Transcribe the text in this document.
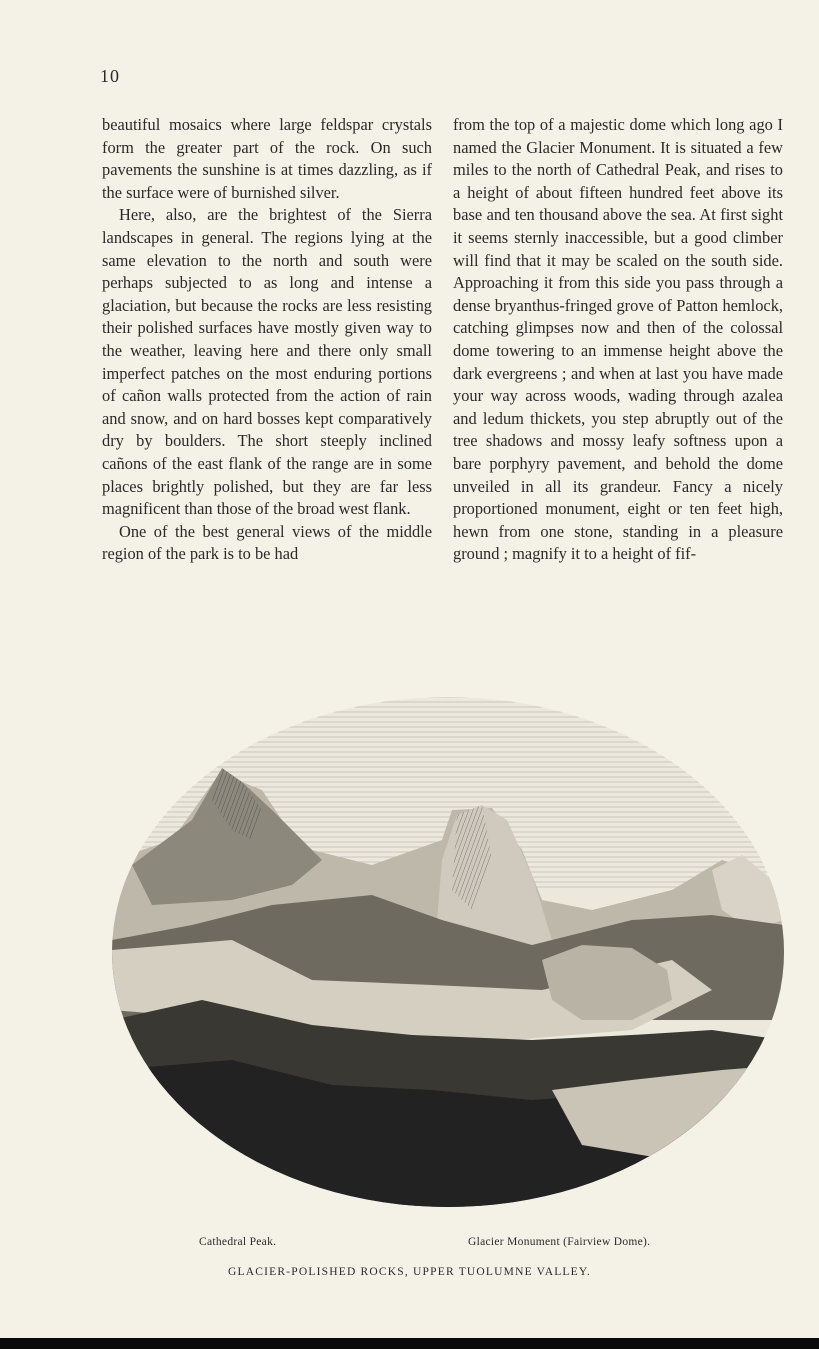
10

beautiful mosaics where large feldspar crystals form the greater part of the rock. On such pavements the sunshine is at times dazzling, as if the surface were of burnished silver.

Here, also, are the brightest of the Sierra landscapes in general. The regions lying at the same elevation to the north and south were perhaps subjected to as long and intense a glaciation, but because the rocks are less resisting their polished surfaces have mostly given way to the weather, leaving here and there only small imperfect patches on the most enduring portions of cañon walls protected from the action of rain and snow, and on hard bosses kept comparatively dry by boulders. The short steeply inclined cañons of the east flank of the range are in some places brightly polished, but they are far less magnificent than those of the broad west flank.

One of the best general views of the middle region of the park is to be had

from the top of a majestic dome which long ago I named the Glacier Monument. It is situated a few miles to the north of Cathedral Peak, and rises to a height of about fifteen hundred feet above its base and ten thousand above the sea. At first sight it seems sternly inaccessible, but a good climber will find that it may be scaled on the south side. Approaching it from this side you pass through a dense bryanthus-fringed grove of Patton hemlock, catching glimpses now and then of the colossal dome towering to an immense height above the dark evergreens ; and when at last you have made your way across woods, wading through azalea and ledum thickets, you step abruptly out of the tree shadows and mossy leafy softness upon a bare porphyry pavement, and behold the dome unveiled in all its grandeur. Fancy a nicely proportioned monument, eight or ten feet high, hewn from one stone, standing in a pleasure ground ; magnify it to a height of fif-

Cathedral Peak.	Glacier Monument (Fairview Dome).
GLACIER-POLISHED ROCKS, UPPER TUOLUMNE VALLEY.
